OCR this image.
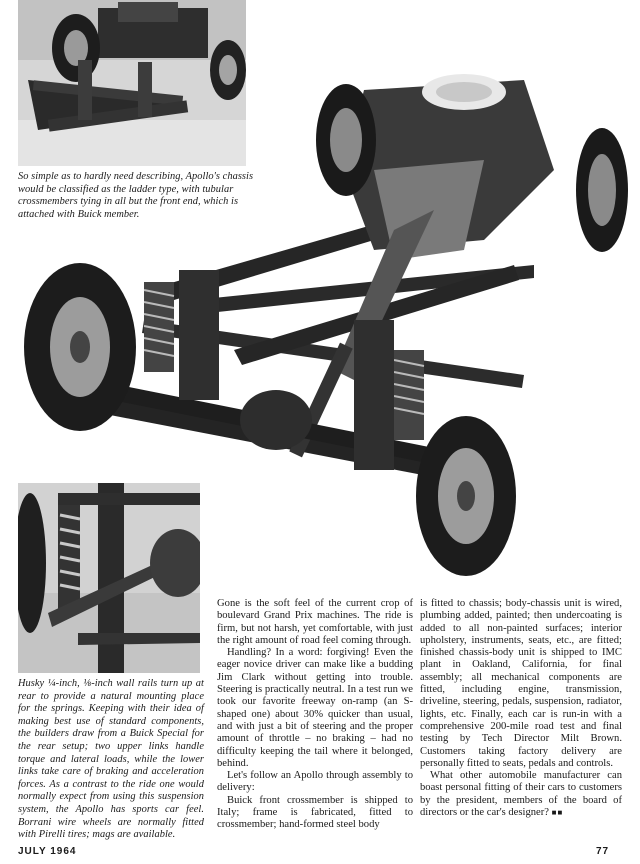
So simple as to hardly need describing, Apollo's chassis would be classified as the ladder type, with tubular crossmembers tying in all but the front end, which is attached with Buick member.
Husky ¼-inch, ⅛-inch wall rails turn up at rear to provide a natural mounting place for the springs. Keeping with their idea of making best use of standard components, the builders draw from a Buick Special for the rear setup; two upper links handle torque and lateral loads, while the lower links take care of braking and acceleration forces. As a contrast to the ride one would normally expect from using this suspension system, the Apollo has sports car feel. Borrani wire wheels are normally fitted with Pirelli tires; mags are available.

Gone is the soft feel of the current crop of boulevard Grand Prix machines. The ride is firm, but not harsh, yet comfortable, with just the right amount of road feel coming through.

Handling? In a word: forgiving! Even the eager novice driver can make like a budding Jim Clark without getting into trouble. Steering is practically neutral. In a test run we took our favorite freeway on-ramp (an S-shaped one) about 30% quicker than usual, and with just a bit of steering and the proper amount of throttle – no braking – had no difficulty keeping the tail where it belonged, behind.

Let's follow an Apollo through assembly to delivery:

Buick front crossmember is shipped to Italy; frame is fabricated, fitted to crossmember; hand-formed steel body

is fitted to chassis; body-chassis unit is wired, plumbing added, painted; then undercoating is added to all non-painted surfaces; interior upholstery, instruments, seats, etc., are fitted; finished chassis-body unit is shipped to IMC plant in Oakland, California, for final assembly; all mechanical components are fitted, including engine, transmission, driveline, steering, pedals, suspension, radiator, lights, etc. Finally, each car is run-in with a comprehensive 200-mile road test and final testing by Tech Director Milt Brown. Customers taking factory delivery are personally fitted to seats, pedals and controls.

What other automobile manufacturer can boast personal fitting of their cars to customers by the president, members of the board of directors or the car's designer? ■■

JULY 1964	77
